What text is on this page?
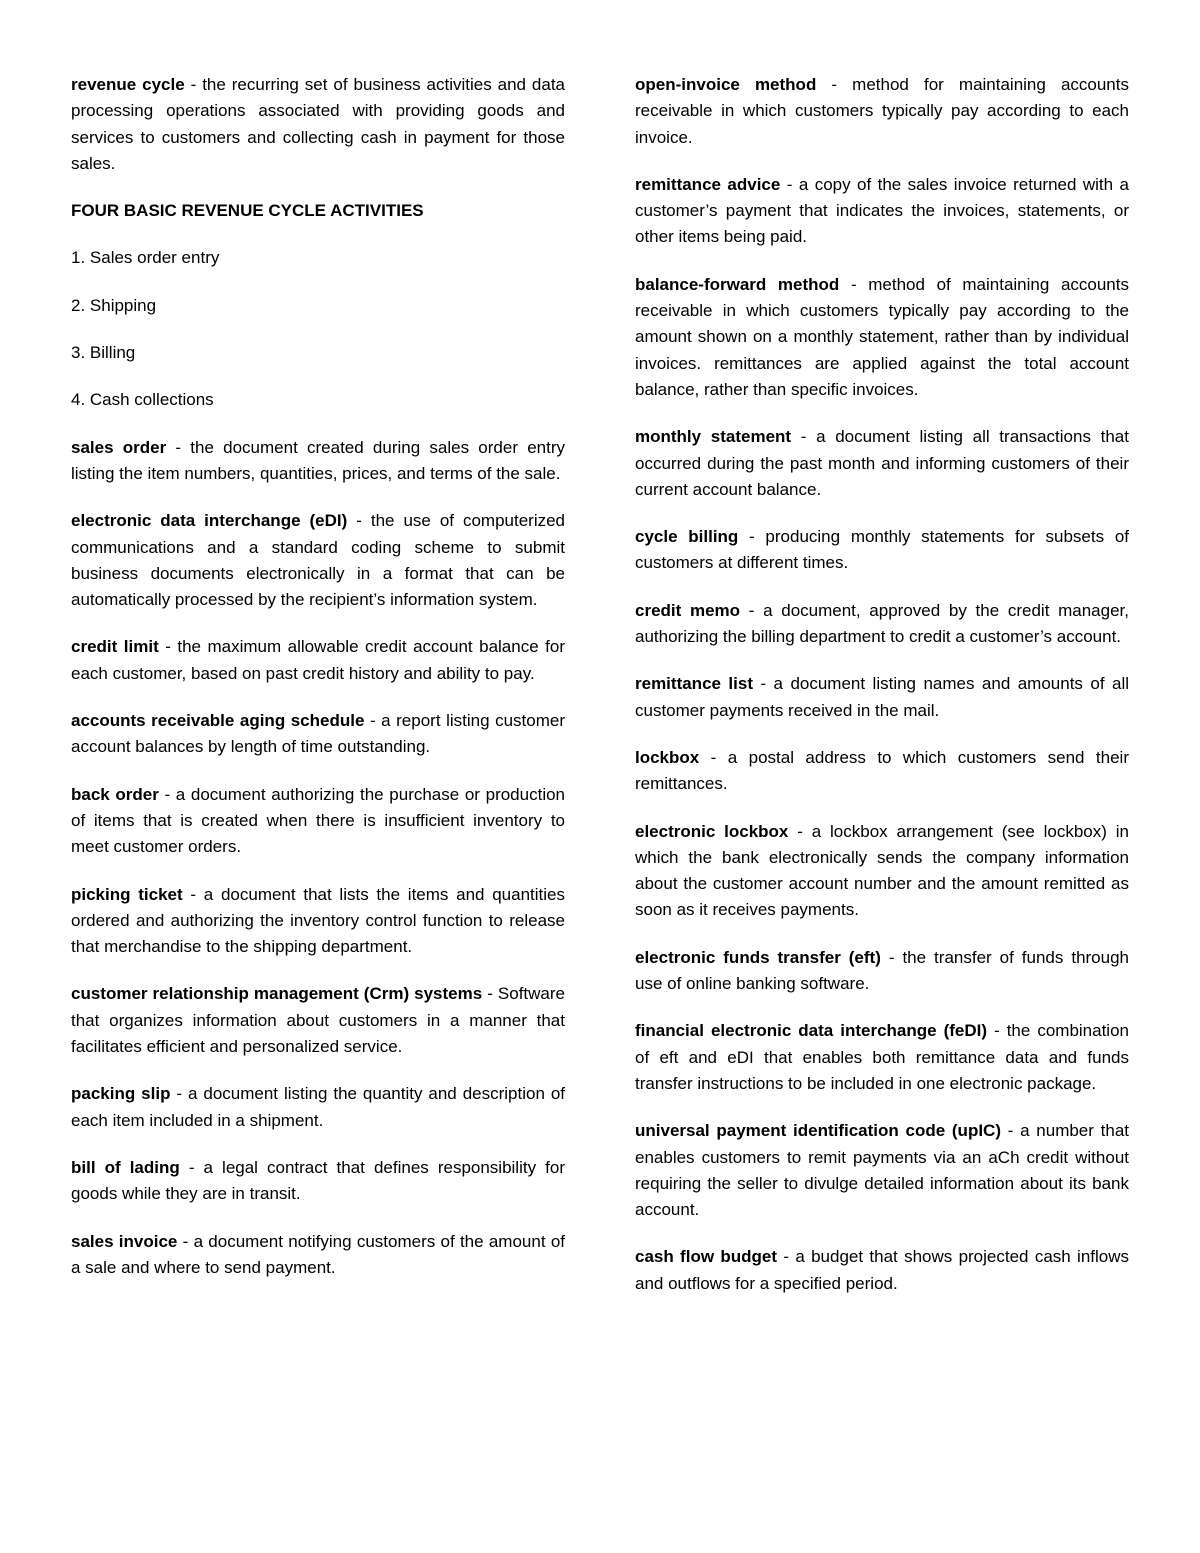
revenue cycle - the recurring set of business activities and data processing operations associated with providing goods and services to customers and collecting cash in payment for those sales.

FOUR BASIC REVENUE CYCLE ACTIVITIES

1. Sales order entry

2. Shipping

3. Billing

4. Cash collections

sales order - the document created during sales order entry listing the item numbers, quantities, prices, and terms of the sale.

electronic data interchange (eDI) - the use of computerized communications and a standard coding scheme to submit business documents electronically in a format that can be automatically processed by the recipient’s information system.

credit limit - the maximum allowable credit account balance for each customer, based on past credit history and ability to pay.

accounts receivable aging schedule - a report listing customer account balances by length of time outstanding.

back order - a document authorizing the purchase or production of items that is created when there is insufficient inventory to meet customer orders.

picking ticket - a document that lists the items and quantities ordered and authorizing the inventory control function to release that merchandise to the shipping department.

customer relationship management (Crm) systems - Software that organizes information about customers in a manner that facilitates efficient and personalized service.

packing slip - a document listing the quantity and description of each item included in a shipment.

bill of lading - a legal contract that defines responsibility for goods while they are in transit.

sales invoice - a document notifying customers of the amount of a sale and where to send payment.

open-invoice method - method for maintaining accounts receivable in which customers typically pay according to each invoice.

remittance advice - a copy of the sales invoice returned with a customer’s payment that indicates the invoices, statements, or other items being paid.

balance-forward method - method of maintaining accounts receivable in which customers typically pay according to the amount shown on a monthly statement, rather than by individual invoices. remittances are applied against the total account balance, rather than specific invoices.

monthly statement - a document listing all transactions that occurred during the past month and informing customers of their current account balance.

cycle billing - producing monthly statements for subsets of customers at different times.

credit memo - a document, approved by the credit manager, authorizing the billing department to credit a customer’s account.

remittance list - a document listing names and amounts of all customer payments received in the mail.

lockbox - a postal address to which customers send their remittances.

electronic lockbox - a lockbox arrangement (see lockbox) in which the bank electronically sends the company information about the customer account number and the amount remitted as soon as it receives payments.

electronic funds transfer (eft) - the transfer of funds through use of online banking software.

financial electronic data interchange (feDI) - the combination of eft and eDI that enables both remittance data and funds transfer instructions to be included in one electronic package.

universal payment identification code (upIC) - a number that enables customers to remit payments via an aCh credit without requiring the seller to divulge detailed information about its bank account.

cash flow budget - a budget that shows projected cash inflows and outflows for a specified period.
